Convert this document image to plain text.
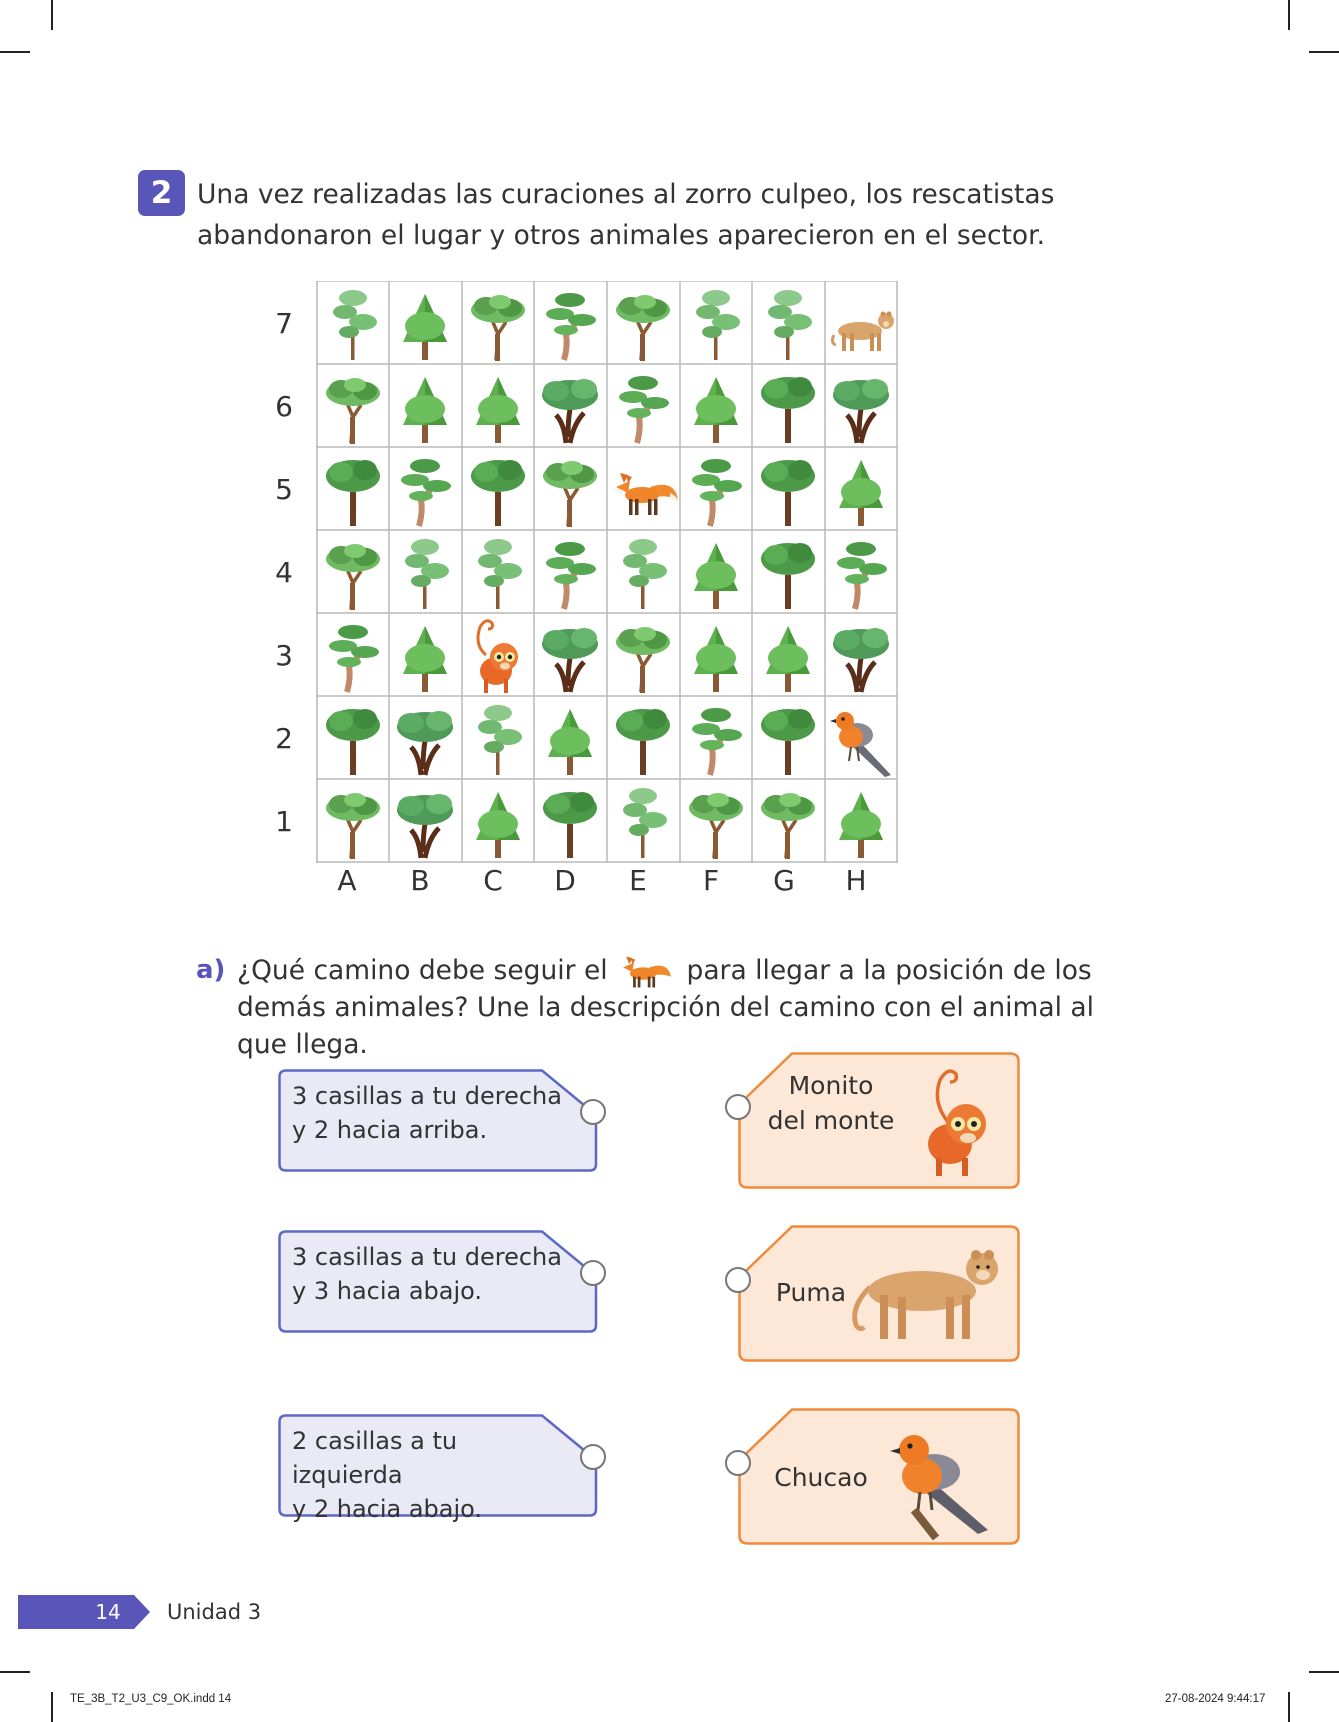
2 Una vez realizadas las curaciones al zorro culpeo, los rescatistas abandonaron el lugar y otros animales aparecieron en el sector.
7
6
5
4
3
2
1
A	B	C	D	E	F	G	H
a) ¿Qué camino debe seguir el	para llegar a la posición de los demás animales? Une la descripción del camino con el animal al que llega.
3 casillas a tu derecha
y 2 hacia arriba.
3 casillas a tu derecha
y 3 hacia abajo.
2 casillas a tu izquierda
y 2 hacia abajo.
Monito
del monte
Puma
Chucao
14	Unidad 3
TE_3B_T2_U3_C9_OK.indd 14	27-08-2024 9:44:17
